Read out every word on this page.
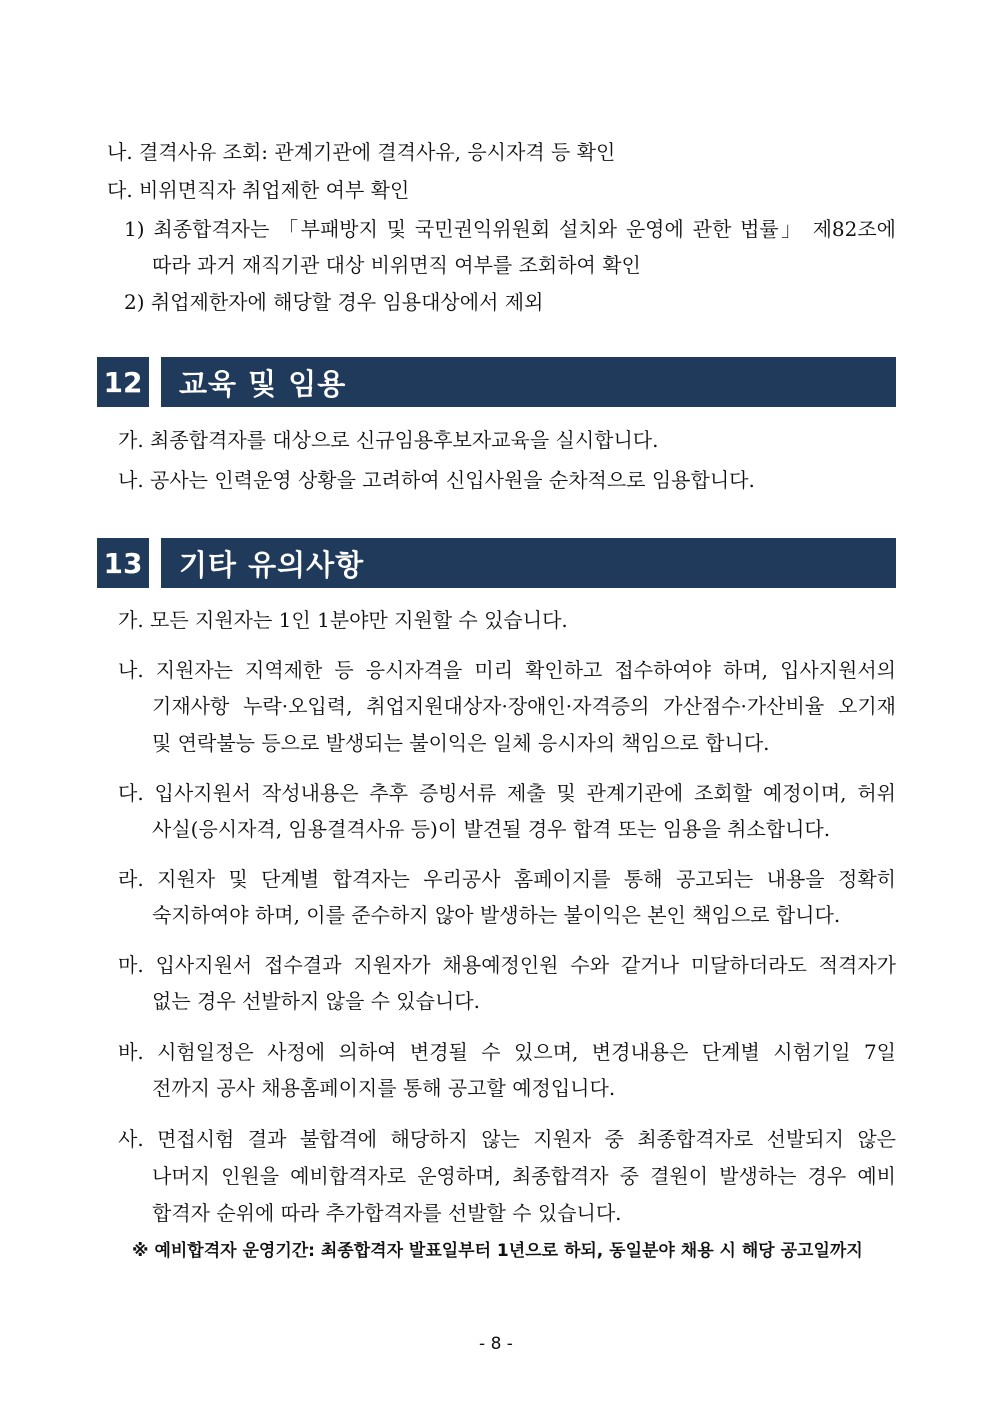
나. 결격사유 조회: 관계기관에 결격사유, 응시자격 등 확인
다. 비위면직자 취업제한 여부 확인
1) 최종합격자는 「부패방지 및 국민권익위원회 설치와 운영에 관한 법률」 제82조에
따라 과거 재직기관 대상 비위면직 여부를 조회하여 확인
2) 취업제한자에 해당할 경우 임용대상에서 제외
12	교육 및 임용
가. 최종합격자를 대상으로 신규임용후보자교육을 실시합니다.
나. 공사는 인력운영 상황을 고려하여 신입사원을 순차적으로 임용합니다.
13	기타 유의사항
가. 모든 지원자는 1인 1분야만 지원할 수 있습니다.
나. 지원자는 지역제한 등 응시자격을 미리 확인하고 접수하여야 하며, 입사지원서의
기재사항 누락·오입력, 취업지원대상자·장애인·자격증의 가산점수·가산비율 오기재
및 연락불능 등으로 발생되는 불이익은 일체 응시자의 책임으로 합니다.
다. 입사지원서 작성내용은 추후 증빙서류 제출 및 관계기관에 조회할 예정이며, 허위
사실(응시자격, 임용결격사유 등)이 발견될 경우 합격 또는 임용을 취소합니다.
라. 지원자 및 단계별 합격자는 우리공사 홈페이지를 통해 공고되는 내용을 정확히
숙지하여야 하며, 이를 준수하지 않아 발생하는 불이익은 본인 책임으로 합니다.
마. 입사지원서 접수결과 지원자가 채용예정인원 수와 같거나 미달하더라도 적격자가
없는 경우 선발하지 않을 수 있습니다.
바. 시험일정은 사정에 의하여 변경될 수 있으며, 변경내용은 단계별 시험기일 7일
전까지 공사 채용홈페이지를 통해 공고할 예정입니다.
사. 면접시험 결과 불합격에 해당하지 않는 지원자 중 최종합격자로 선발되지 않은
나머지 인원을 예비합격자로 운영하며, 최종합격자 중 결원이 발생하는 경우 예비
합격자 순위에 따라 추가합격자를 선발할 수 있습니다.
※ 예비합격자 운영기간: 최종합격자 발표일부터 1년으로 하되, 동일분야 채용 시 해당 공고일까지
- 8 -
